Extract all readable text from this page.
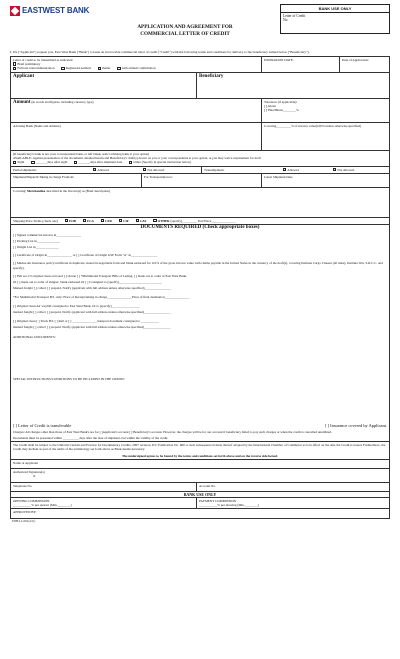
EASTWEST BANK
APPLICATION AND AGREEMENT FOR
COMMERCIAL LETTER OF CREDIT
BANK USE ONLY
Letter of Credit No.
I, We ("Applicant") request you, East West Bank ("Bank") to issue an irrevocable commercial letter of credit ("Credit") with the following terms and conditions for delivery to the beneficiary named below ("Beneficiary").
Letter of credit to be transmitted as indicated:
Brief preliminary
Full text telecommunication	Registered Airmail	mailer	with airmail confirmation
EXPIRATION DATE:	Date of Application:
Applicant	Beneficiary
Amount (in words and figures, including currency type)	Tolerance (if applicable):
[ ] About
[ ] Plus/Minus________%
Advising Bank (Name and Address)	Covering_________% of invoice value(100% unless otherwise specified)
(If beneficiary's bank is not your correspondent bank, or left blank, select advising bank at your option)
AVAILABLE: Against presentation of the documents detailed herein and Beneficiary's draft(s) drawn on you or your correspondents at your option, at you may waive requirement for draft
Sight	_______days after sight	_______days after shipment date	Other (Specify in special instruction below)
Partial shipments:	Allowed	Not Allowed	Transshipment:	Allowed	Not Allowed
Shipment/Dispatch/Taking in charge From/At:	For Transportation to:	Latest Shipment Date
Covering: Merchandise described in the Invoice(s) as (Brief description)
Shipping/Price Terms (check one)	FOB	FCA	CFR	CIF	C&I	OTHER (specify)_________ Port/Place_______________
DOCUMENTS REQUIRED (Check appropriate boxes)
[ ] Signed commercial invoice in_______________
[ ] Packing List in______________
[ ] Weight List in______________
[ ] Certificate of Origin in_______________ or [ ] Certificate of Origin GSP Form "A" in________________
[ ] Marine Air Insurance policy/certificate in duplicate, issued in negotiable form and blank endorsed for 110% of the gross invoice value with claims payable in the United States in the currency of the draft(s), covering Institute Cargo Clauses (all risks), Institute War, S.R.C.C. and specify),
[ ] Full set 1/3 original clean on board [ ] Ocean [ ] *Multimodal Transport Bills of Lading, [ ] made out to order of East West Bank.
Or [ ] made out to order of shipper, blank endorsed Or [ ] Consigned to (specify)__________________________
Marked freight [ ] collect [ ] prepaid. Notify (applicant with full address unless otherwise specified)________________
*For Multimodal Transport B/L only: Place of Receipt/taking in charge_______________Place of final destination_______________
[ ] Original clean Air waybill consigned to East West Bank, Or to (specify)_________________
marked freight [ ] collect [ ] prepaid. Notify (applicant with full address unless otherwise specified)________________
[ ] Original clean [ ] Truck B/L [ ] Rail or [ ] _______________transport document consigned to ___________
marked freight [ ] collect [ ] prepaid. Notify (applicant with full address unless otherwise specified)________________
ADDITIONAL DOCUMENTS:
SPECIAL INSTRUCTIONS/CONDITIONS TO BE INCLUDED IN THE CREDIT:
[ ] Letter of Credit is transferable	[ ] Insurance covered by Applicant.
Charges: All charges other than those of East West Bank's are for [ ]Applicant's account [ ] Beneficiary's account. However, the charges will be for our account if beneficiary failed to pay such charges or when the credit is cancelled unutilized.
Documents must be presented within __________days after the date of shipment, but within the validity of the credit.
The Credit shall be subject to the Uniform Custom and Practice for Documentary Credits, 2007 revision, ICC Publication No. 600 or such subsequent revision thereof adopted by the International Chamber of Commerce as is in effect on the date the Credit is issued. Furthermore, the Credit may include as part of the terms of the terminology set forth above as Bank deems necessary.
The undersigned agrees to be bound by the terms and conditions set forth above and on the reverse side hereof.
Name of Applicant
Authorized Signature(s)
X
Telephone No.	Account No.
BANK USE ONLY
OPENING COMMISSION
___________% per quarter (Min.________)
PAYMENT COMMISSION
___________% per drawing (Min.________)
APPROVED BY:
EWB-LC-004 (4/11)
